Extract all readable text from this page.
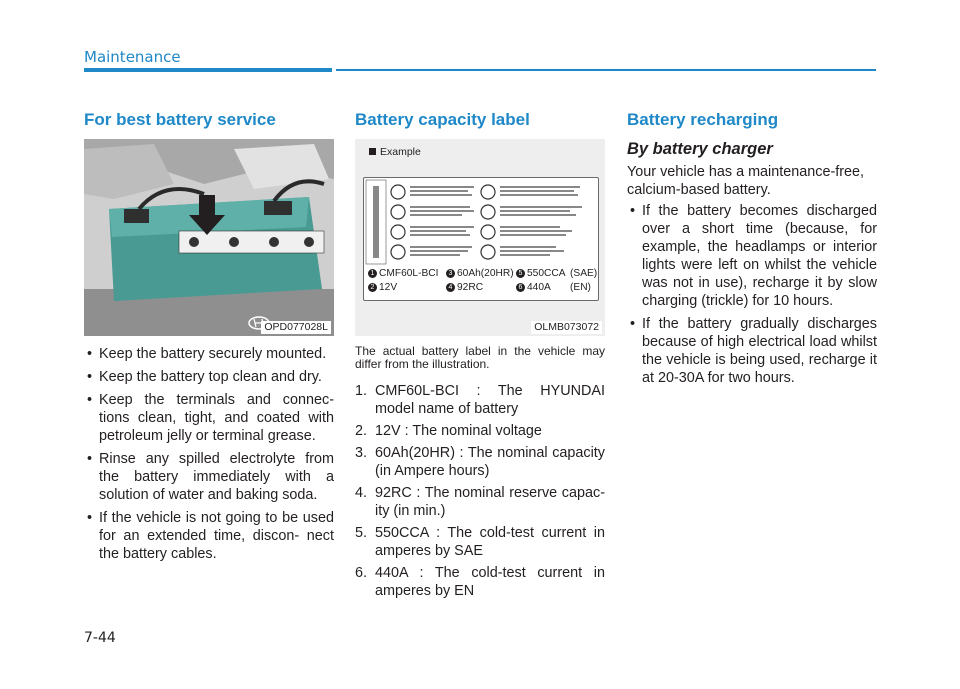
Maintenance
For best battery service
OPD077028L
• Keep the battery securely mounted.
• Keep the battery top clean and dry.
• Keep the terminals and connec- tions clean, tight, and coated with petroleum jelly or terminal grease.
• Rinse any spilled electrolyte from the battery immediately with a solution of water and baking soda.
• If the vehicle is not going to be used for an extended time, discon- nect the battery cables.
Battery capacity label
Example
1 CMF60L-BCI	3 60Ah(20HR) 5 550CCA (SAE)
2 12V	4 92RC	6 440A (EN)
OLMB073072
The actual battery label in the vehicle may differ from the illustration.
1. CMF60L-BCI : The HYUNDAI model name of battery
2. 12V : The nominal voltage
3. 60Ah(20HR) : The nominal capacity (in Ampere hours)
4. 92RC : The nominal reserve capac- ity (in min.)
5. 550CCA : The cold-test current in amperes by SAE
6. 440A : The cold-test current in amperes by EN
Battery recharging
By battery charger

Your vehicle has a maintenance-free, calcium-based battery.

• If the battery becomes discharged over a short time (because, for example, the headlamps or interior lights were left on whilst the vehicle was not in use), recharge it by slow charging (trickle) for 10 hours.
• If the battery gradually discharges because of high electrical load whilst the vehicle is being used, recharge it at 20-30A for two hours.
7-44
